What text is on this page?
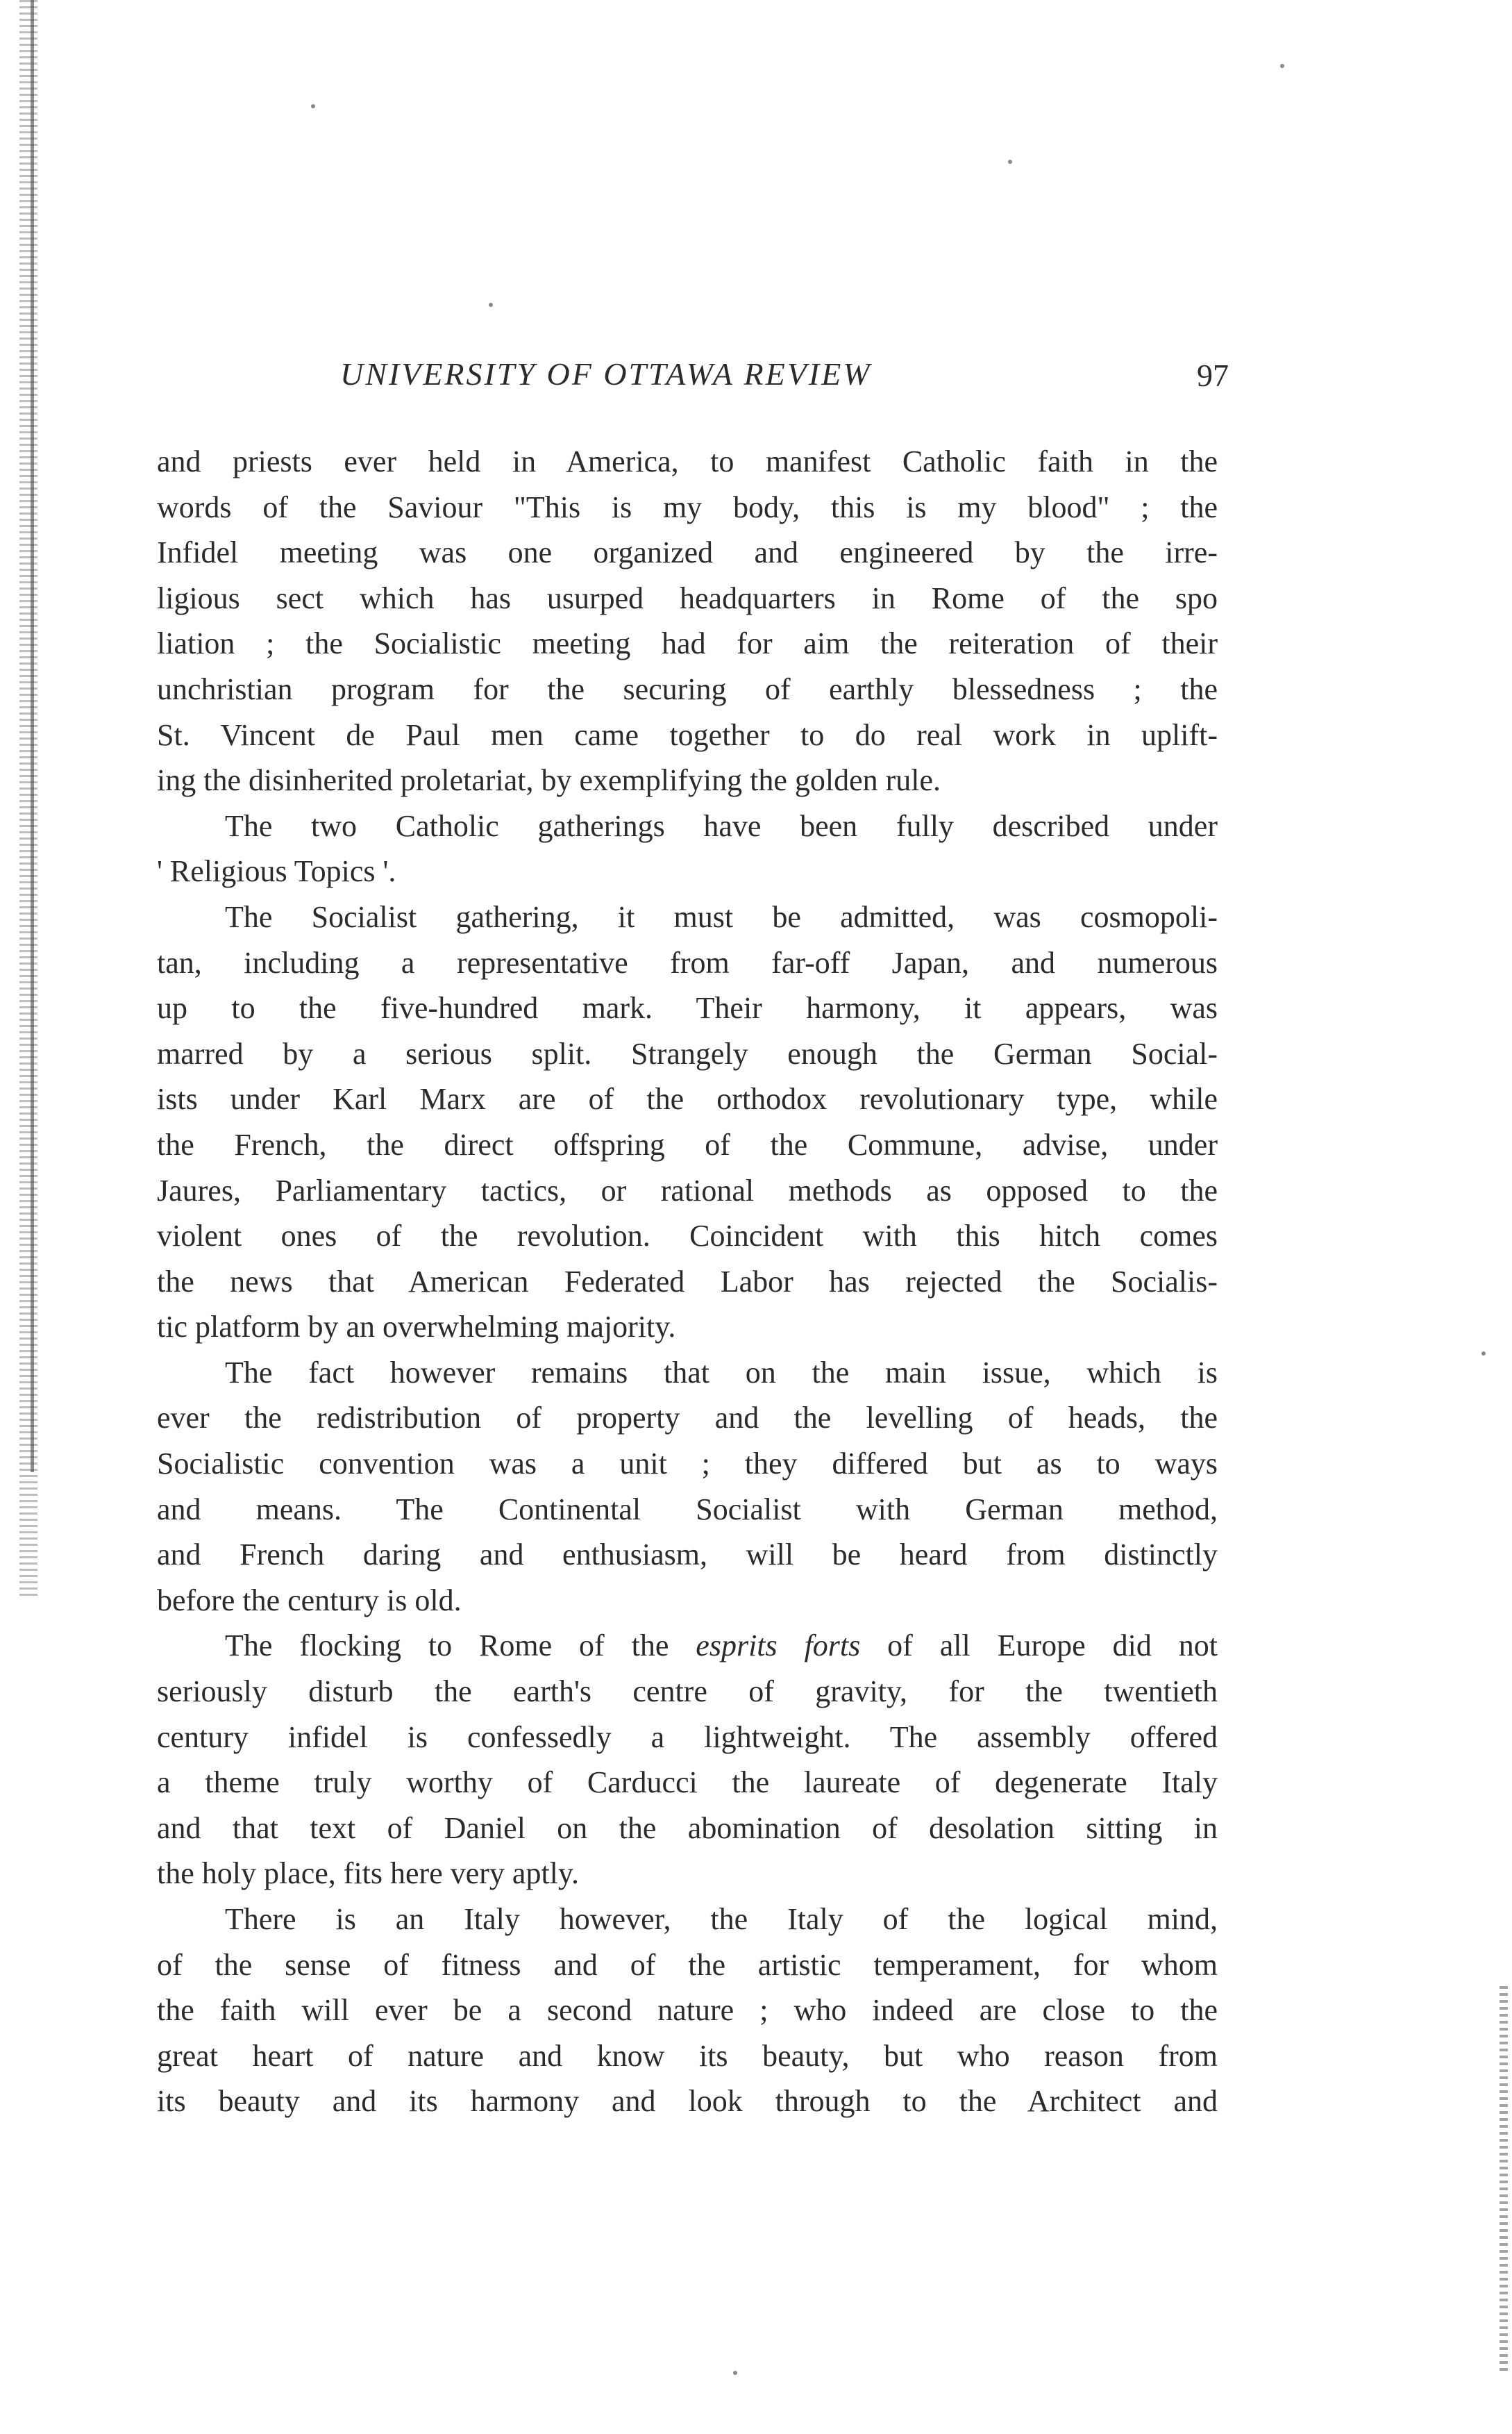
UNIVERSITY OF OTTAWA REVIEW	97

and priests ever held in America, to manifest Catholic faith in the
words of the Saviour "This is my body, this is my blood" ; the
Infidel meeting was one organized and engineered by the irre-
ligious sect which has usurped headquarters in Rome of the spo
liation ; the Socialistic meeting had for aim the reiteration of their
unchristian program for the securing of earthly blessedness ; the
St. Vincent de Paul men came together to do real work in uplift-
ing the disinherited proletariat, by exemplifying the golden rule.

The two Catholic gatherings have been fully described under
' Religious Topics '.

The Socialist gathering, it must be admitted, was cosmopoli-
tan, including a representative from far-off Japan, and numerous
up to the five-hundred mark. Their harmony, it appears, was
marred by a serious split. Strangely enough the German Social-
ists under Karl Marx are of the orthodox revolutionary type, while
the French, the direct offspring of the Commune, advise, under
Jaures, Parliamentary tactics, or rational methods as opposed to the
violent ones of the revolution. Coincident with this hitch comes
the news that American Federated Labor has rejected the Socialis-
tic platform by an overwhelming majority.

The fact however remains that on the main issue, which is
ever the redistribution of property and the levelling of heads, the
Socialistic convention was a unit ; they differed but as to ways
and means. The Continental Socialist with German method,
and French daring and enthusiasm, will be heard from distinctly
before the century is old.

The flocking to Rome of the esprits forts of all Europe did not
seriously disturb the earth's centre of gravity, for the twentieth
century infidel is confessedly a lightweight. The assembly offered
a theme truly worthy of Carducci the laureate of degenerate Italy
and that text of Daniel on the abomination of desolation sitting in
the holy place, fits here very aptly.

There is an Italy however, the Italy of the logical mind,
of the sense of fitness and of the artistic temperament, for whom
the faith will ever be a second nature ; who indeed are close to the
great heart of nature and know its beauty, but who reason from
its beauty and its harmony and look through to the Architect and
